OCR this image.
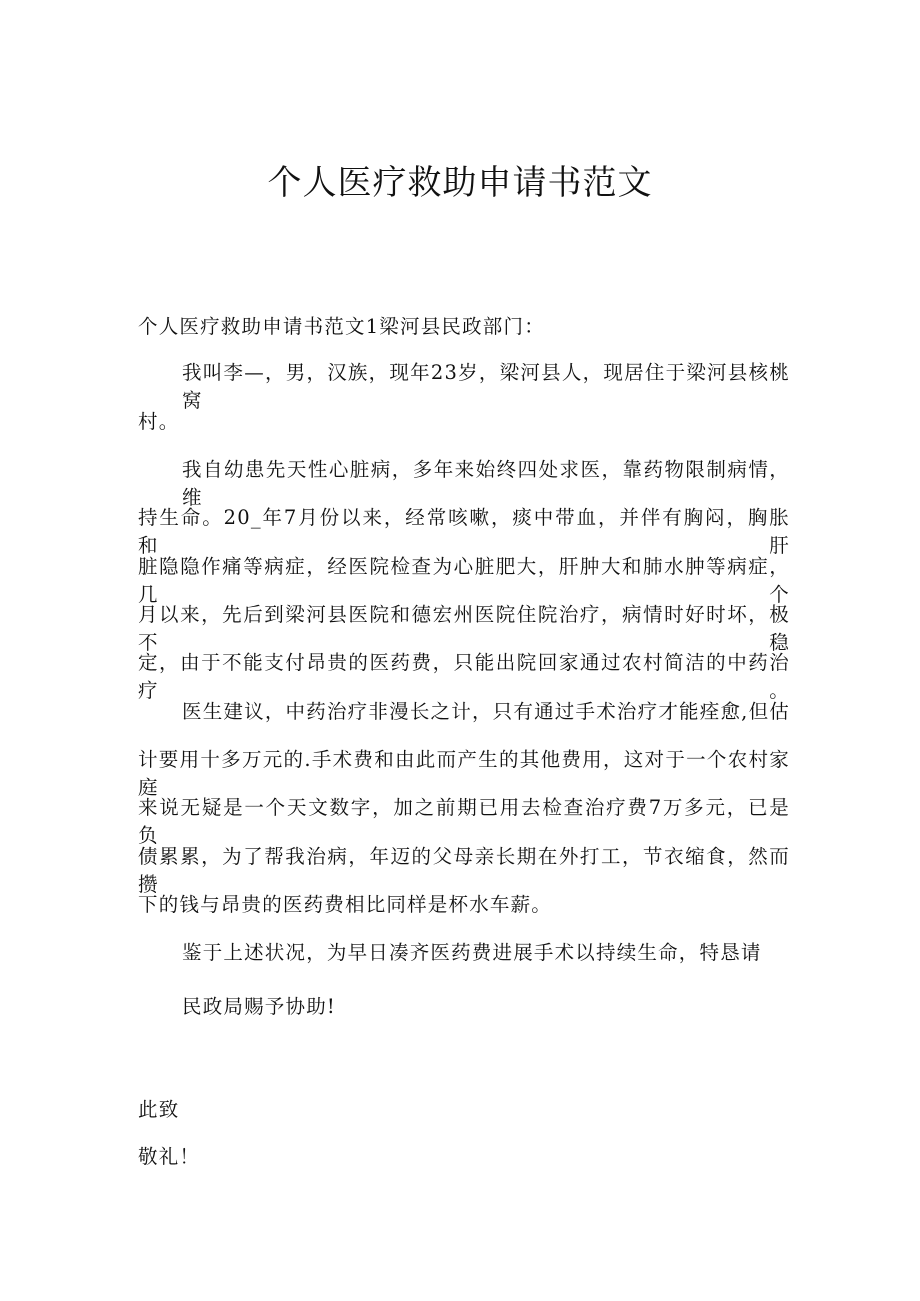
个人医疗救助申请书范文
个人医疗救助申请书范文1梁河县民政部门：
我叫李—，男，汉族，现年23岁，梁河县人，现居住于梁河县核桃窝
村。
我自幼患先天性心脏病，多年来始终四处求医，靠药物限制病情，维
持生命。20_年7月份以来，经常咳嗽，痰中带血，并伴有胸闷，胸胀和肝
脏隐隐作痛等病症，经医院检查为心脏肥大，肝肿大和肺水肿等病症，几个
月以来，先后到梁河县医院和德宏州医院住院治疗，病情时好时坏，极不稳
定，由于不能支付昂贵的医药费，只能出院回家通过农村简洁的中药治疗。
医生建议，中药治疗非漫长之计，只有通过手术治疗才能痊愈,但估
计要用十多万元的.手术费和由此而产生的其他费用，这对于一个农村家庭
来说无疑是一个天文数字，加之前期已用去检查治疗费7万多元，已是负
债累累，为了帮我治病，年迈的父母亲长期在外打工，节衣缩食，然而攒
下的钱与昂贵的医药费相比同样是杯水车薪。
鉴于上述状况，为早日凑齐医药费进展手术以持续生命，特恳请
民政局赐予协助!
此致
敬礼！
